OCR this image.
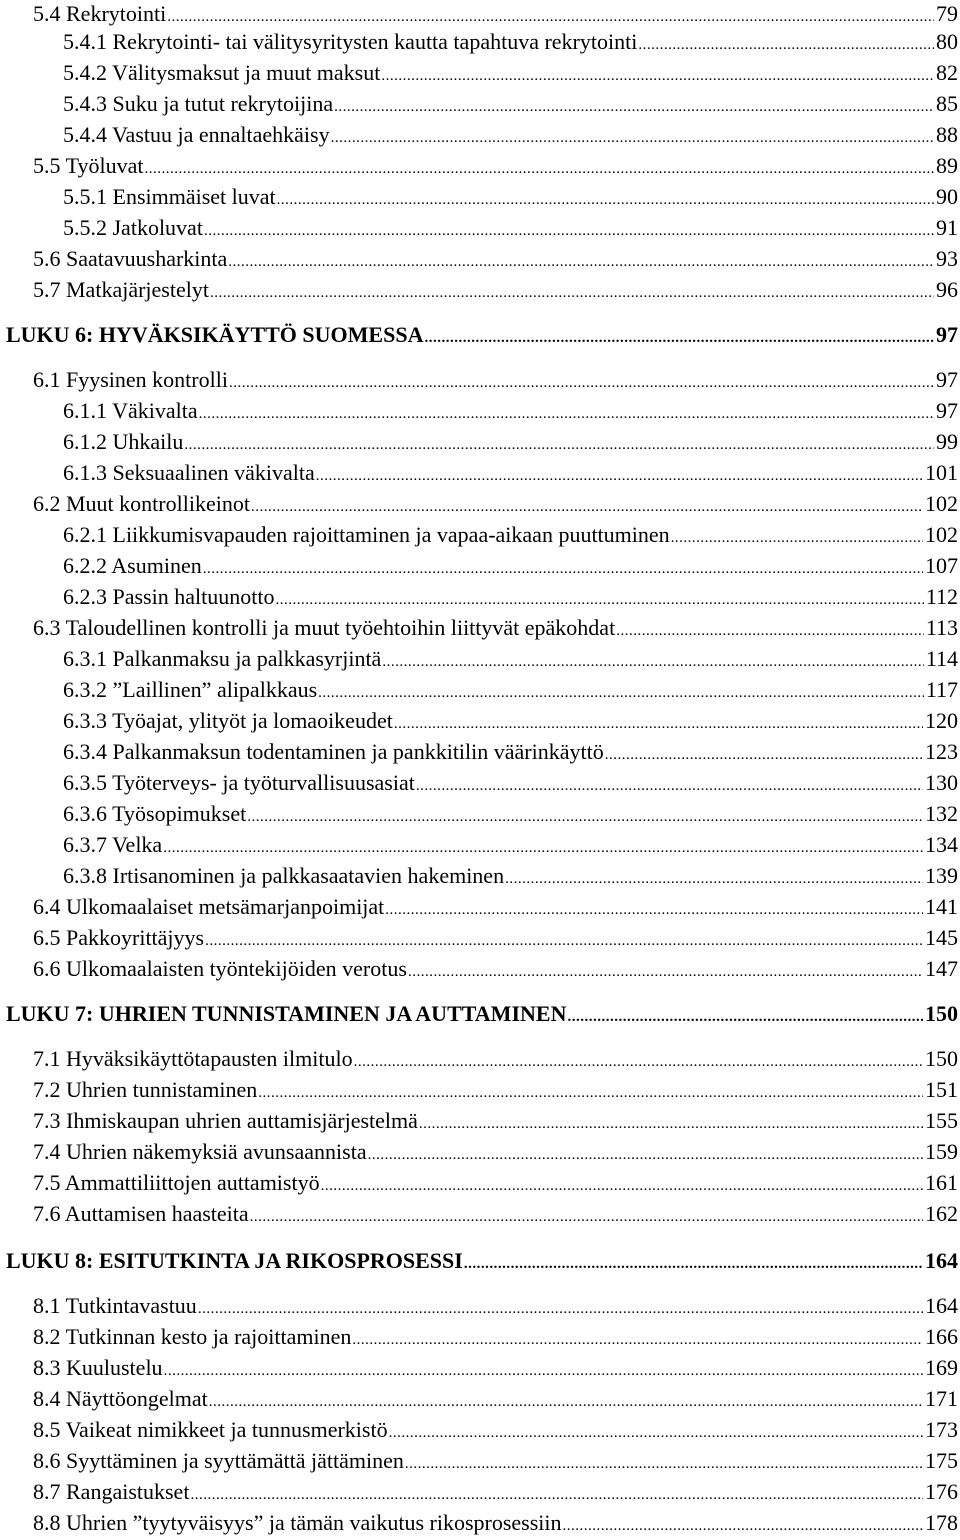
5.4 Rekrytointi .....	79
5.4.1 Rekrytointi- tai välitysyritysten kautta tapahtuva rekrytointi .....	80
5.4.2 Välitysmaksut ja muut maksut .....	82
5.4.3 Suku ja tutut rekrytoijina .....	85
5.4.4 Vastuu ja ennaltaehkäisy .....	88
5.5 Työluvat .....	89
5.5.1 Ensimmäiset luvat .....	90
5.5.2 Jatkoluvat .....	91
5.6 Saatavuusharkinta .....	93
5.7 Matkajärjestelyt .....	96
LUKU 6: HYVÄKSIKÄYTTÖ SUOMESSA .....	97
6.1 Fyysinen kontrolli .....	97
6.1.1 Väkivalta .....	97
6.1.2 Uhkailu .....	99
6.1.3 Seksuaalinen väkivalta .....	101
6.2 Muut kontrollikeinot .....	102
6.2.1 Liikkumisvapauden rajoittaminen ja vapaa-aikaan puuttuminen .....	102
6.2.2 Asuminen .....	107
6.2.3 Passin haltuunotto .....	112
6.3 Taloudellinen kontrolli ja muut työehtoihin liittyvät epäkohdat .....	113
6.3.1 Palkanmaksu ja palkkasyrjintä .....	114
6.3.2 ”Laillinen” alipalkkaus .....	117
6.3.3 Työajat, ylityöt ja lomaoikeudet .....	120
6.3.4 Palkanmaksun todentaminen ja pankkitilin väärinkäyttö .....	123
6.3.5 Työterveys- ja työturvallisuusasiat .....	130
6.3.6 Työsopimukset .....	132
6.3.7 Velka .....	134
6.3.8 Irtisanominen ja palkkasaatavien hakeminen .....	139
6.4 Ulkomaalaiset metsämarjanpoimijat .....	141
6.5 Pakkoyrittäjyys .....	145
6.6 Ulkomaalaisten työntekijöiden verotus .....	147
LUKU 7: UHRIEN TUNNISTAMINEN JA AUTTAMINEN .....	150
7.1 Hyväksikäyttötapausten ilmitulo .....	150
7.2 Uhrien tunnistaminen .....	151
7.3 Ihmiskaupan uhrien auttamisjärjestelmä .....	155
7.4 Uhrien näkemyksiä avunsaannista .....	159
7.5 Ammattiliittojen auttamistyö .....	161
7.6 Auttamisen haasteita .....	162
LUKU 8: ESITUTKINTA JA RIKOSPROSESSI .....	164
8.1 Tutkintavastuu .....	164
8.2 Tutkinnan kesto ja rajoittaminen .....	166
8.3 Kuulustelu .....	169
8.4 Näyttöongelmat .....	171
8.5 Vaikeat nimikkeet ja tunnusmerkistö .....	173
8.6 Syyttäminen ja syyttämättä jättäminen .....	175
8.7 Rangaistukset .....	176
8.8 Uhrien ”tyytyväisyys” ja tämän vaikutus rikosprosessiin .....	178
